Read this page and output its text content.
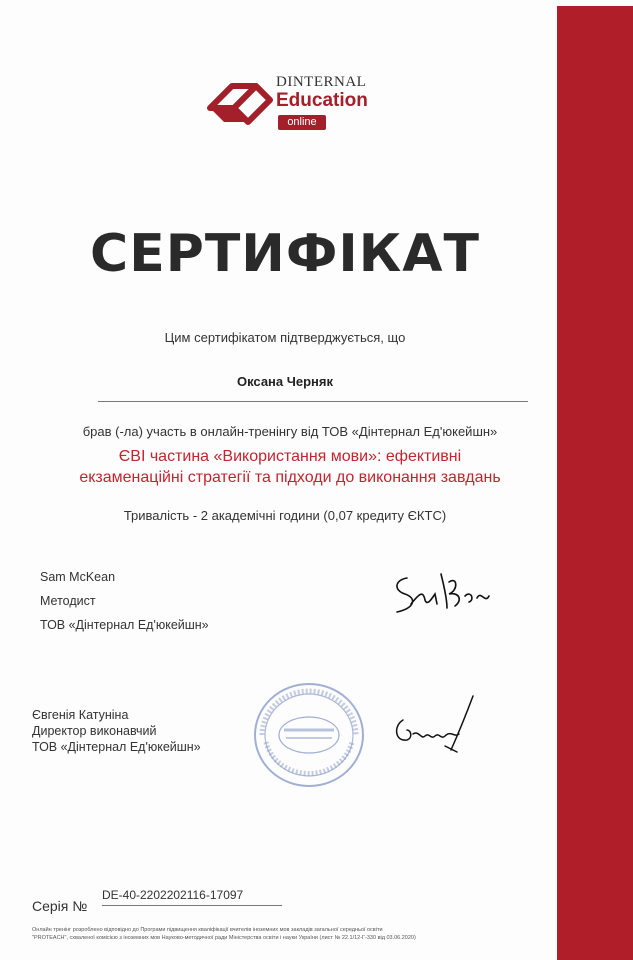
DINTERNAL
Education
online
СЕРТИФІКАТ
Цим сертифікатом підтверджується, що
Оксана Черняк
брав (-ла) участь в онлайн-тренінгу від ТОВ «Дінтернал Ед'юкейшн»
ЄВІ частина «Використання мови»: ефективні
екзаменаційні стратегії та підходи до виконання завдань
Тривалість - 2 академічні години (0,07 кредиту ЄКТС)
Sam McKean
Методист
ТОВ «Дінтернал Ед'юкейшн»
Євгенія Катуніна
Директор виконавчий
ТОВ «Дінтернал Ед'юкейшн»
Серія №
DE-40-2202202116-17097
Онлайн тренінг розроблено відповідно до Програми підвищення кваліфікації вчителів іноземних мов закладів загальної середньої освіти
"PROTEACH", схваленої комісією з іноземних мов Науково-методичної ради Міністерства освіти і науки України (лист № 22.1/12-Г-330 від 03.06.2020)
